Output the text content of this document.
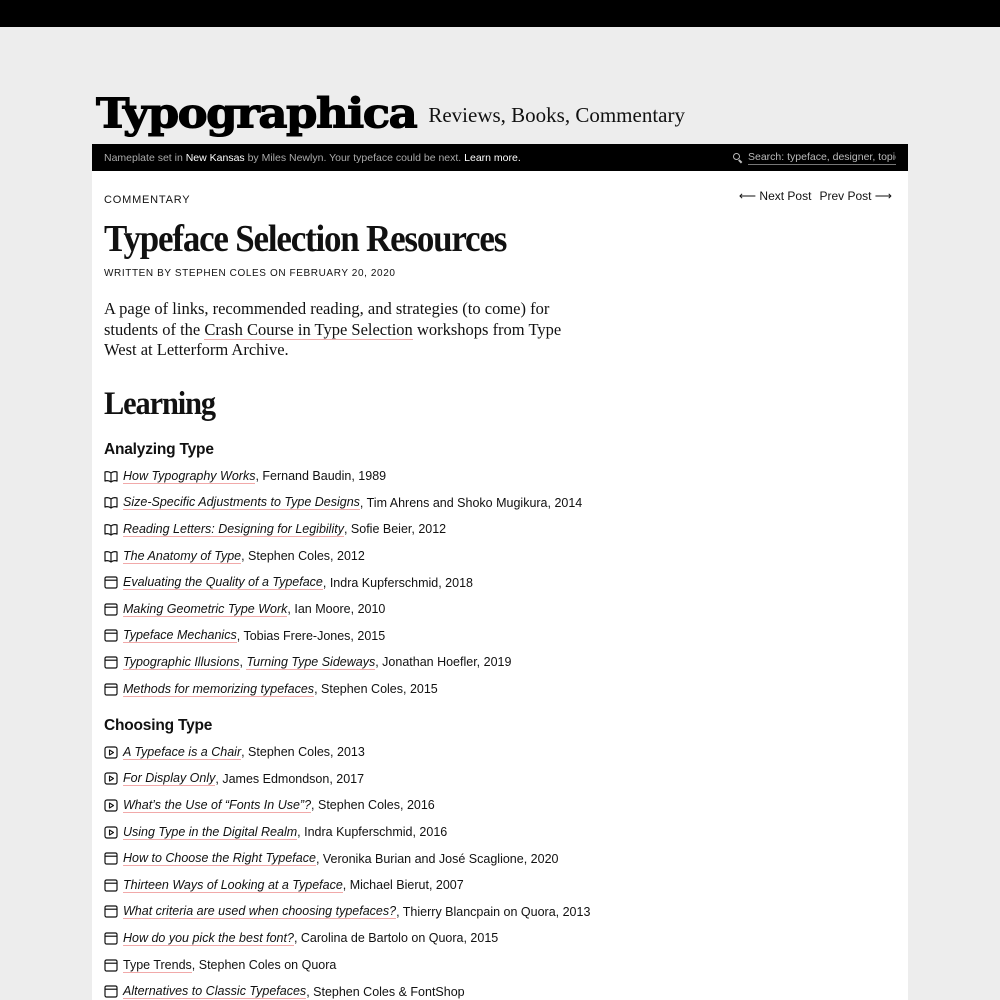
Typographica Reviews, Books, Commentary
Nameplate set in New Kansas by Miles Newlyn. Your typeface could be next. Learn more.
Search: typeface, designer, topic
COMMENTARY	⟵ Next Post Prev Post ⟶
Typeface Selection Resources
WRITTEN BY STEPHEN COLES ON FEBRUARY 20, 2020

A page of links, recommended reading, and strategies (to come) for students of the Crash Course in Type Selection workshops from Type West at Letterform Archive.

Learning
Analyzing Type
How Typography Works , Fernand Baudin, 1989
Size-Specific Adjustments to Type Designs , Tim Ahrens and Shoko Mugikura, 2014
Reading Letters: Designing for Legibility , Sofie Beier, 2012
The Anatomy of Type , Stephen Coles, 2012
Evaluating the Quality of a Typeface , Indra Kupferschmid, 2018
Making Geometric Type Work , Ian Moore, 2010
Typeface Mechanics , Tobias Frere-Jones, 2015
Typographic Illusions , Turning Type Sideways , Jonathan Hoefler, 2019
Methods for memorizing typefaces , Stephen Coles, 2015
Choosing Type
A Typeface is a Chair , Stephen Coles, 2013
For Display Only , James Edmondson, 2017
What’s the Use of “Fonts In Use”? , Stephen Coles, 2016
Using Type in the Digital Realm , Indra Kupferschmid, 2016
How to Choose the Right Typeface , Veronika Burian and José Scaglione, 2020
Thirteen Ways of Looking at a Typeface , Michael Bierut, 2007
What criteria are used when choosing typefaces? , Thierry Blancpain on Quora, 2013
How do you pick the best font? , Carolina de Bartolo on Quora, 2015
Type Trends , Stephen Coles on Quora
Alternatives to Classic Typefaces , Stephen Coles & FontShop
